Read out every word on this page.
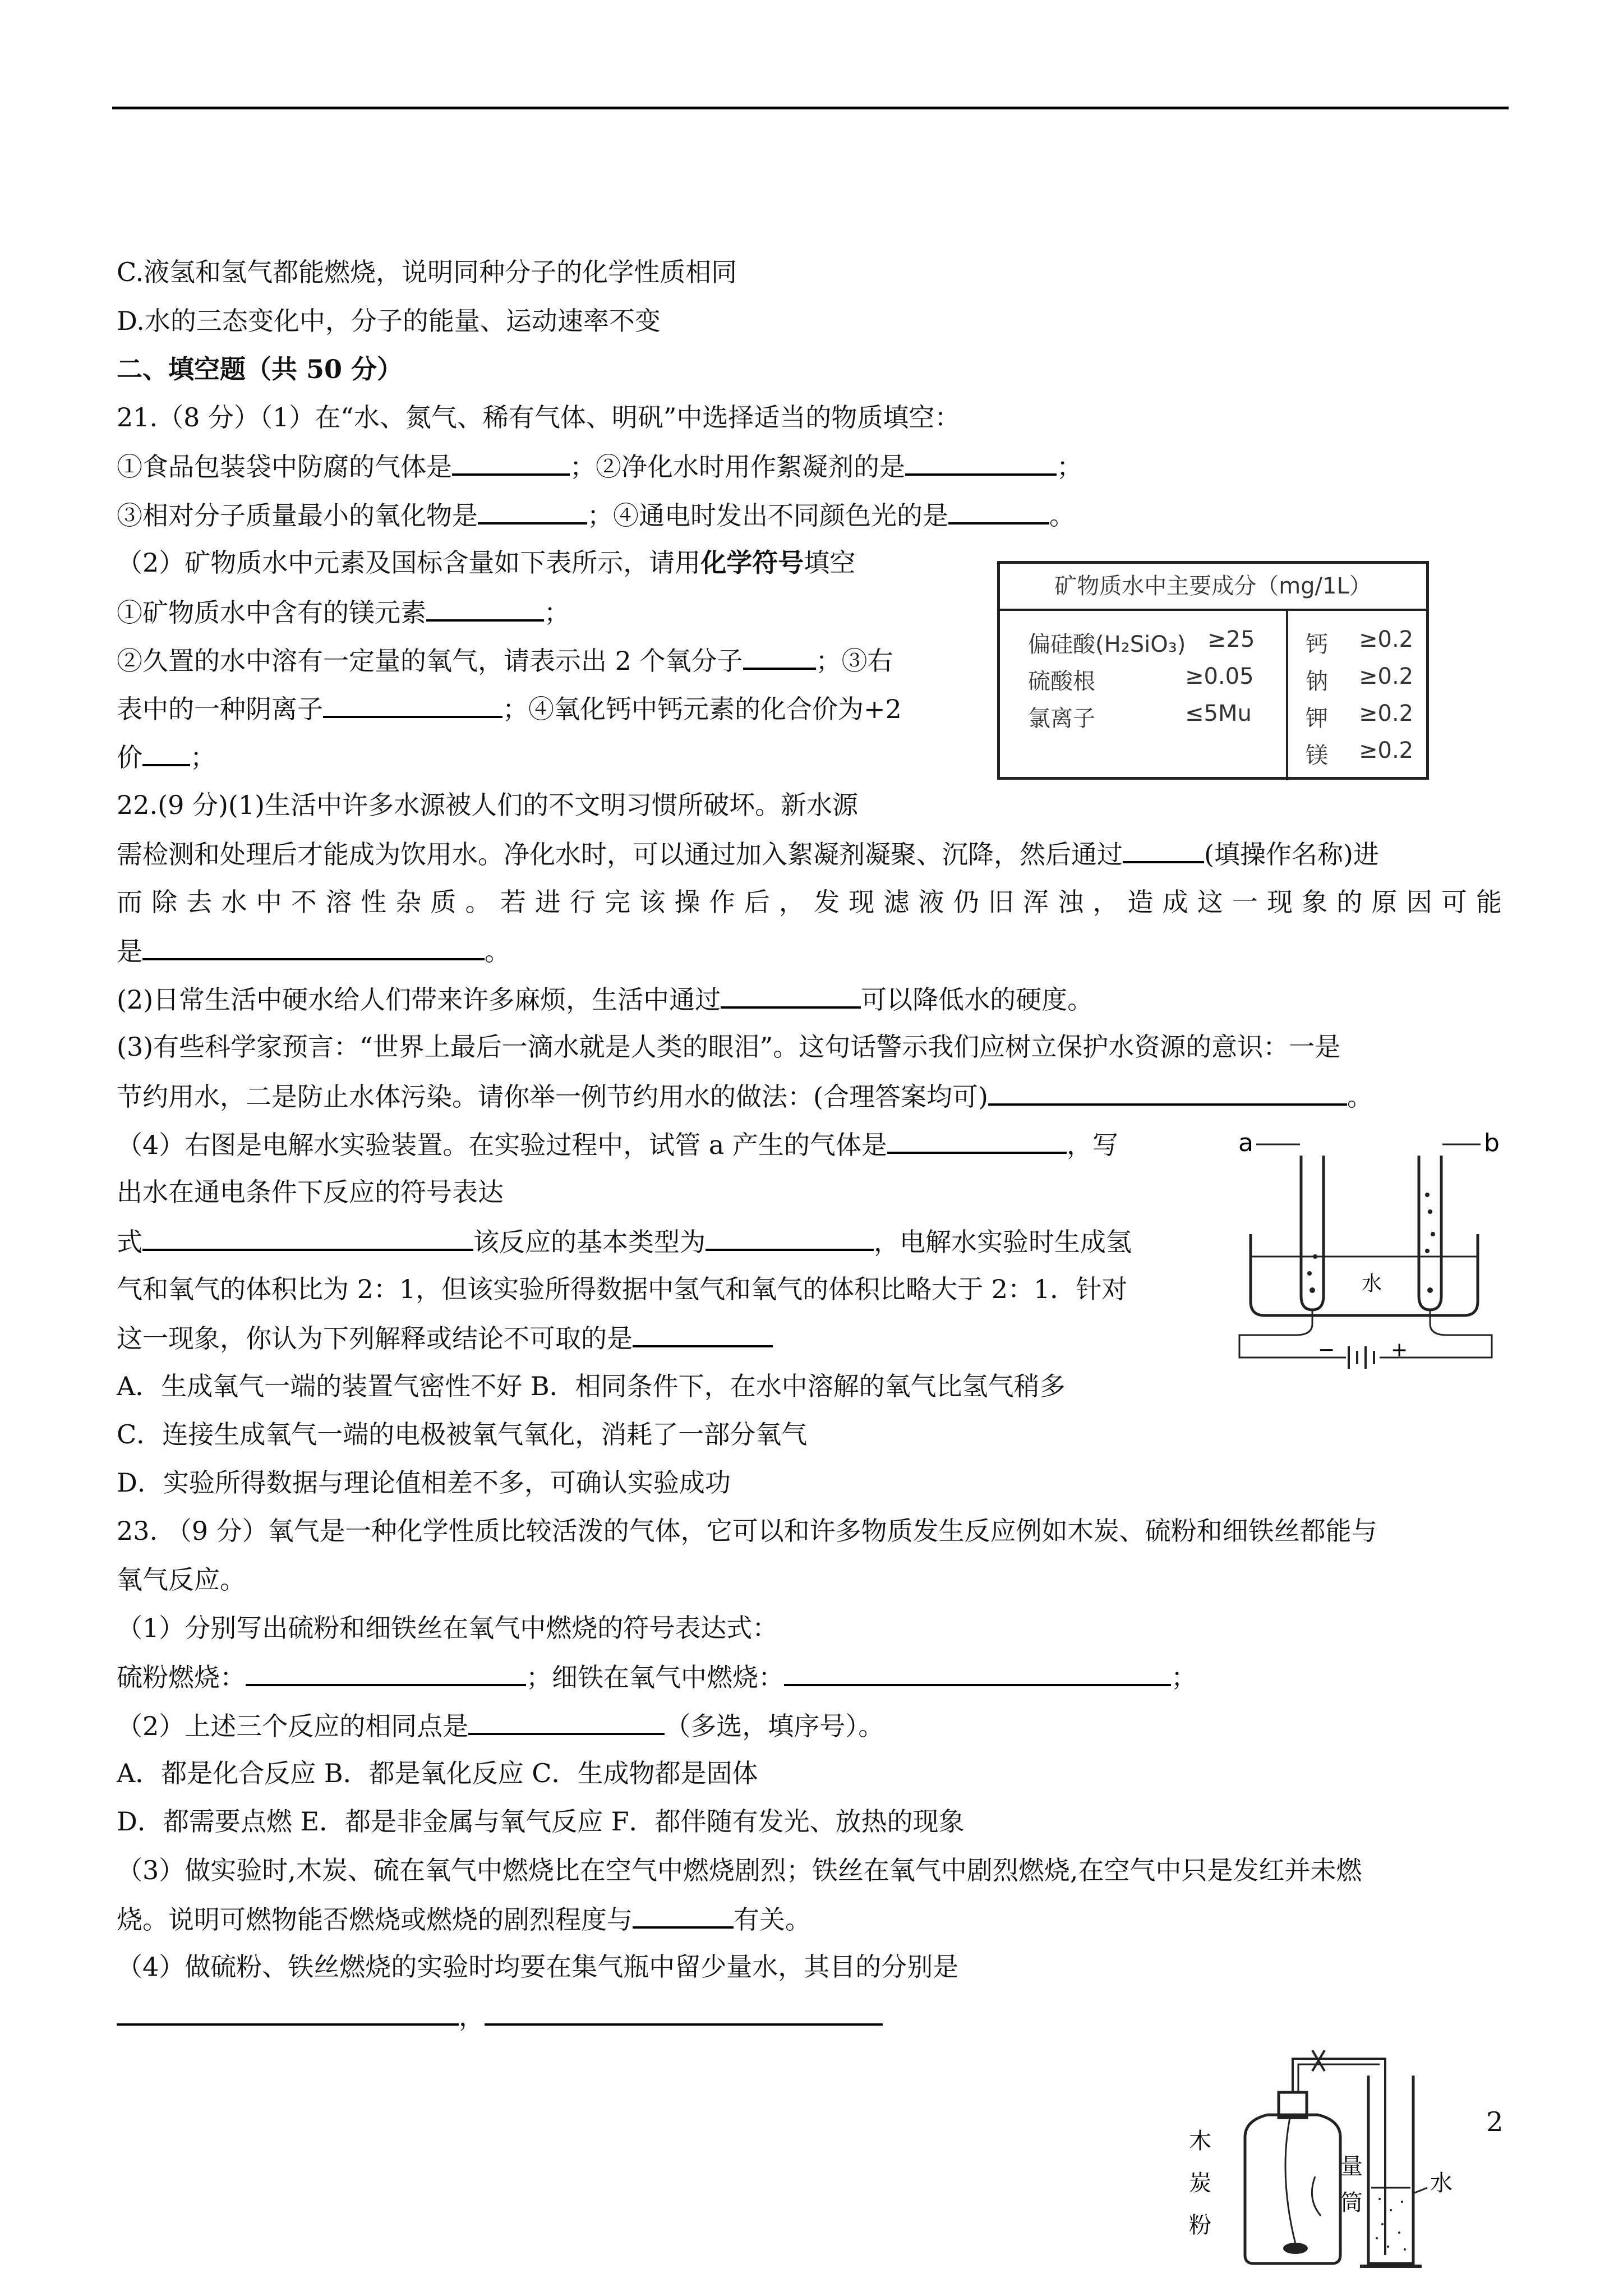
C.液氢和氢气都能燃烧，说明同种分子的化学性质相同
D.水的三态变化中，分子的能量、运动速率不变
二、填空题（共 50 分）
21.（8 分）（1）在“水、氮气、稀有气体、明矾”中选择适当的物质填空：
①食品包装袋中防腐的气体是	；②净化水时用作絮凝剂的是	；
③相对分子质量最小的氧化物是	；④通电时发出不同颜色光的是	。
（2）矿物质水中元素及国标含量如下表所示，请用化学符号填空
①矿物质水中含有的镁元素	；
②久置的水中溶有一定量的氧气，请表示出 2 个氧分子	；③右
表中的一种阴离子	；④氧化钙中钙元素的化合价为+2
价 ；
矿物质水中主要成分（mg/1L）
偏硅酸(H₂SiO₃) ≥25
硫酸根	≥0.05
氯离子	≤5Mu
钙 ≥0.2
钠 ≥0.2
钾 ≥0.2
镁 ≥0.2
22.(9 分)(1)生活中许多水源被人们的不文明习惯所破坏。新水源
需检测和处理后才能成为饮用水。净化水时，可以通过加入絮凝剂凝聚、沉降，然后通过	(填操作名称)进
而除去水中不溶性杂质。若进行完该操作后，发现滤液仍旧浑浊，造成这一现象的原因可能
是	。
(2)日常生活中硬水给人们带来许多麻烦，生活中通过	可以降低水的硬度。
(3)有些科学家预言：“世界上最后一滴水就是人类的眼泪”。这句话警示我们应树立保护水资源的意识：一是
节约用水，二是防止水体污染。请你举一例节约用水的做法：(合理答案均可)	。
（4）右图是电解水实验装置。在实验过程中，试管 a 产生的气体是	，写
出水在通电条件下反应的符号表达
式	该反应的基本类型为	，电解水实验时生成氢
气和氧气的体积比为 2：1，但该实验所得数据中氢气和氧气的体积比略大于 2：1．针对
这一现象，你认为下列解释或结论不可取的是
A．生成氧气一端的装置气密性不好 B．相同条件下，在水中溶解的氧气比氢气稍多
C．连接生成氧气一端的电极被氧气氧化，消耗了一部分氧气
D．实验所得数据与理论值相差不多，可确认实验成功
a	b
水
−	+
23. （9 分）氧气是一种化学性质比较活泼的气体，它可以和许多物质发生反应例如木炭、硫粉和细铁丝都能与
氧气反应。
（1）分别写出硫粉和细铁丝在氧气中燃烧的符号表达式：
硫粉燃烧：	；细铁在氧气中燃烧：	；
（2）上述三个反应的相同点是	（多选，填序号）。
A．都是化合反应 B．都是氧化反应 C．生成物都是固体
D．都需要点燃 E．都是非金属与氧气反应 F．都伴随有发光、放热的现象
（3）做实验时,木炭、硫在氧气中燃烧比在空气中燃烧剧烈；铁丝在氧气中剧烈燃烧,在空气中只是发红并未燃
烧。说明可燃物能否燃烧或燃烧的剧烈程度与	有关。
（4）做硫粉、铁丝燃烧的实验时均要在集气瓶中留少量水，其目的分别是
，
木
炭
粉
量
筒
水
2
